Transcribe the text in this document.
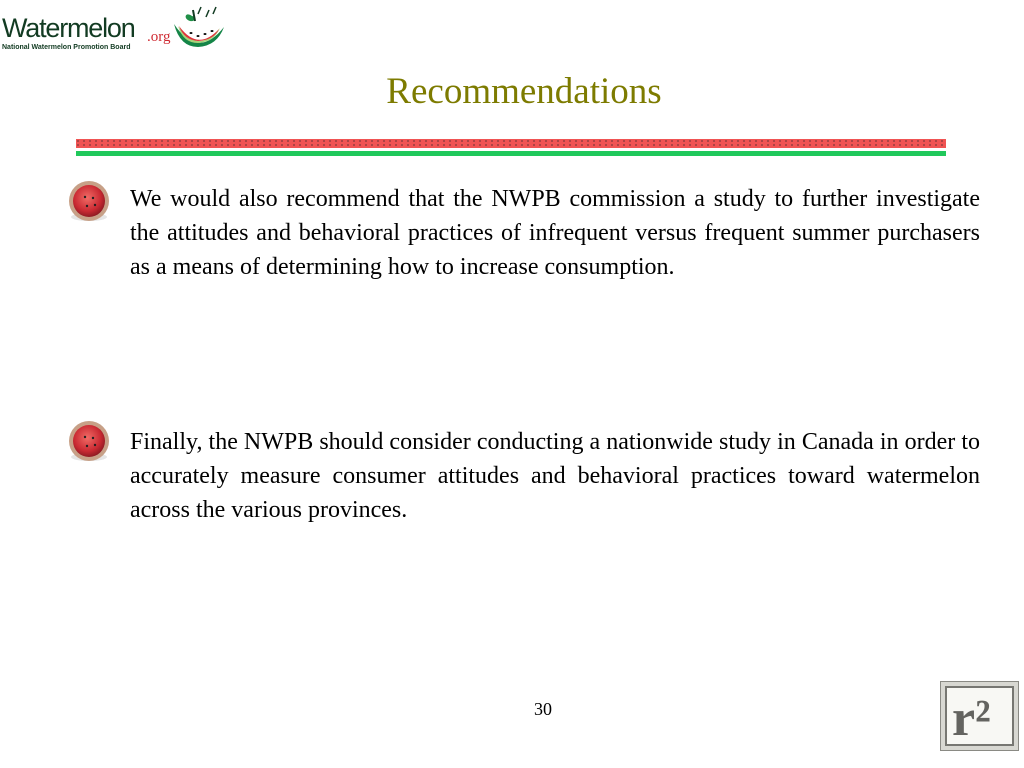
Watermelon .org
National Watermelon Promotion Board
Recommendations

We would also recommend that the NWPB commission a study to further investigate the attitudes and behavioral practices of infrequent versus frequent summer purchasers as a means of determining how to increase consumption.

Finally, the NWPB should consider conducting a nationwide study in Canada in order to accurately measure consumer attitudes and behavioral practices toward watermelon across the various provinces.

30	r²
